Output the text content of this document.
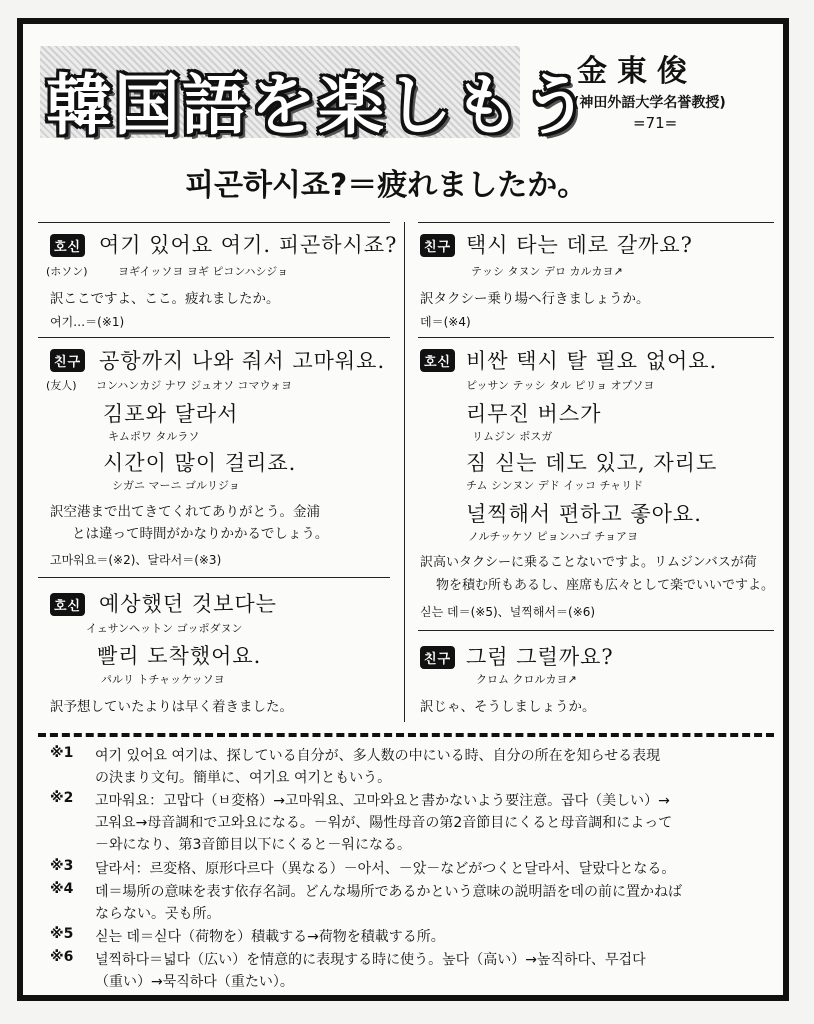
韓国語を楽しもう
金東俊
(神田外語大学名誉教授)
=71=
피곤하시죠?＝疲れましたか。
호신 여기 있어요 여기. 피곤하시죠?
(ホソン)	ヨギイッソヨ ヨギ ピコンハシジョ
訳ここですよ、ここ。疲れましたか。
여기…＝(※1)
친구 공항까지 나와 줘서 고마워요.
(友人) コンハンカジ ナワ ジュオソ コマウォヨ
김포와 달라서
キムポワ タルラソ
시간이 많이 걸리죠.
シガニ マーニ ゴルリジョ
訳空港まで出てきてくれてありがとう。金浦
とは違って時間がかなりかかるでしょう。
고마워요＝(※2)、달라서＝(※3)
호신 예상했던 것보다는
イェサンヘットン ゴッポダヌン
빨리 도착했어요.
パルリ トチャッケッソヨ
訳予想していたよりは早く着きました。
친구 택시 타는 데로 갈까요?
テッシ タヌン デロ カルカヨ↗
訳タクシー乗り場へ行きましょうか。
데＝(※4)
호신 비싼 택시 탈 필요 없어요.
ピッサン テッシ タル ピリョ オプソヨ
리무진 버스가
リムジン ポスガ
짐 싣는 데도 있고, 자리도
チム シンヌン デド イッコ チャリド
널찍해서 편하고 좋아요.
ノルチッケソ ピョンハゴ チョアヨ
訳高いタクシーに乗ることないですよ。リムジンバスが荷
物を積む所もあるし、座席も広々として楽でいいですよ。
싣는 데＝(※5)、널찍해서＝(※6)
친구 그럼 그럴까요?
クロム クロルカヨ↗
訳じゃ、そうしましょうか。
※1 여기 있어요 여기は、探している自分が、多人数の中にいる時、自分の所在を知らせる表現
の決まり文句。簡単に、여기요 여기ともいう。
※2 고마워요：고맙다（ㅂ変格）→고마워요、고마와요と書かないよう要注意。곱다（美しい）→
고워요→母音調和で고와요になる。－워が、陽性母音の第2音節目にくると母音調和によって
－와になり、第3音節目以下にくると－워になる。
※3 달라서：르変格、原形다르다（異なる）－아서、－았－などがつくと달라서、달랐다となる。
※4 데＝場所の意味を表す依存名詞。どんな場所であるかという意味の説明語を데の前に置かねば
ならない。곳も所。
※5 싣는 데＝싣다（荷物を）積載する→荷物を積載する所。
※6 널찍하다＝넓다（広い）を情意的に表現する時に使う。높다（高い）→높직하다、무겁다
（重い）→묵직하다（重たい）。
